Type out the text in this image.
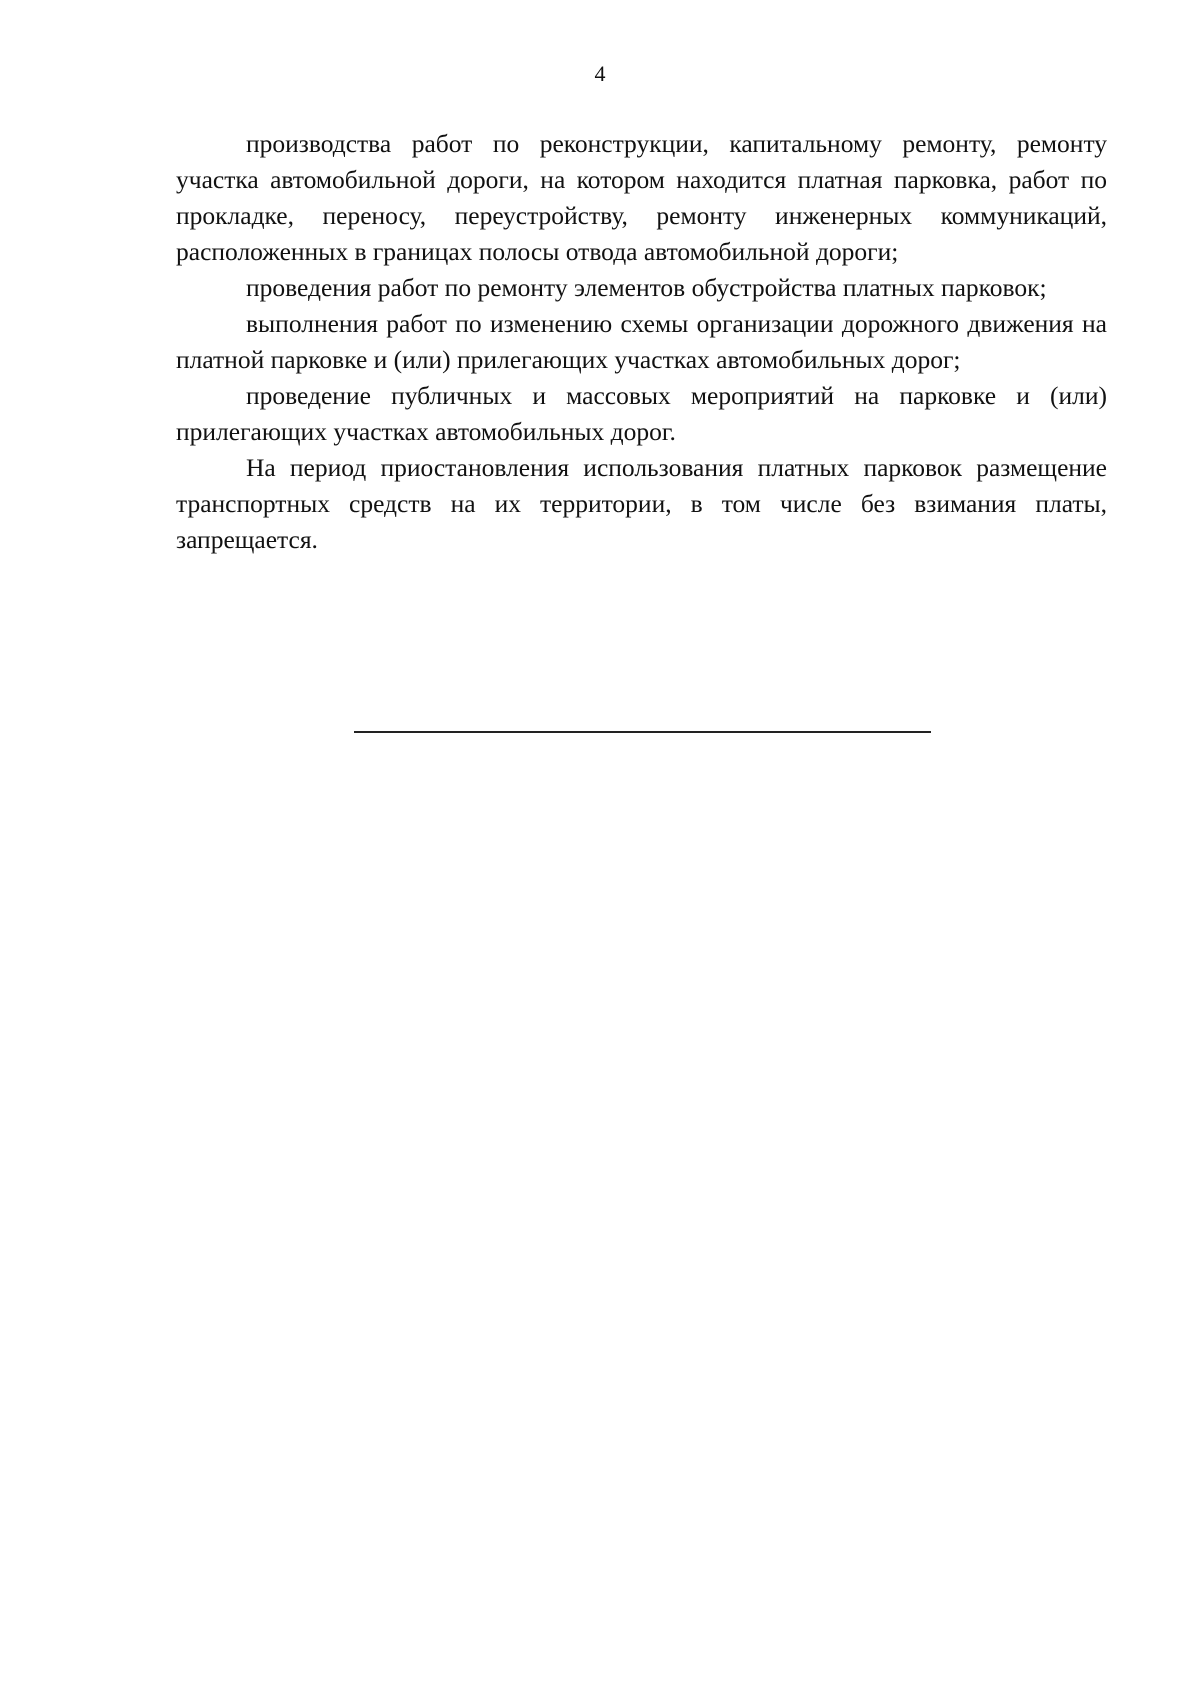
4

производства работ по реконструкции, капитальному ремонту, ремонту участка автомобильной дороги, на котором находится платная парковка, работ по прокладке, переносу, переустройству, ремонту инженерных коммуникаций, расположенных в границах полосы отвода автомобильной дороги;

проведения работ по ремонту элементов обустройства платных парковок;

выполнения работ по изменению схемы организации дорожного движения на платной парковке и (или) прилегающих участках автомобильных дорог;

проведение публичных и массовых мероприятий на парковке и (или) прилегающих участках автомобильных дорог.

На период приостановления использования платных парковок размещение транспортных средств на их территории, в том числе без взимания платы, запрещается.
